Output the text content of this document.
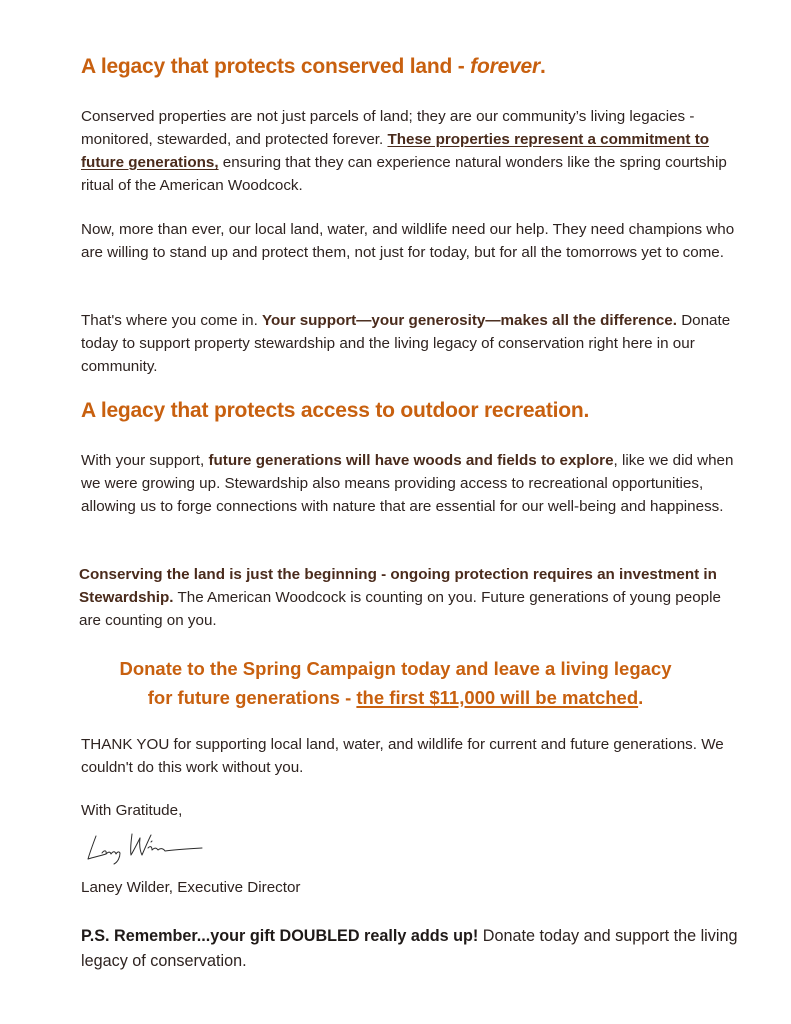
A legacy that protects conserved land - forever.

Conserved properties are not just parcels of land; they are our community’s living legacies - monitored, stewarded, and protected forever. These properties represent a commitment to future generations, ensuring that they can experience natural wonders like the spring courtship ritual of the American Woodcock.

Now, more than ever, our local land, water, and wildlife need our help. They need champions who are willing to stand up and protect them, not just for today, but for all the tomorrows yet to come.

That's where you come in. Your support—your generosity—makes all the difference. Donate today to support property stewardship and the living legacy of conservation right here in our community.

A legacy that protects access to outdoor recreation.

With your support, future generations will have woods and fields to explore, like we did when we were growing up. Stewardship also means providing access to recreational opportunities, allowing us to forge connections with nature that are essential for our well-being and happiness.

Conserving the land is just the beginning - ongoing protection requires an investment in Stewardship. The American Woodcock is counting on you. Future generations of young people are counting on you.

Donate to the Spring Campaign today and leave a living legacy
for future generations - the first $11,000 will be matched.

THANK YOU for supporting local land, water, and wildlife for current and future generations. We couldn't do this work without you.

With Gratitude,

Laney Wilder, Executive Director

P.S. Remember...your gift DOUBLED really adds up! Donate today and support the living legacy of conservation.
